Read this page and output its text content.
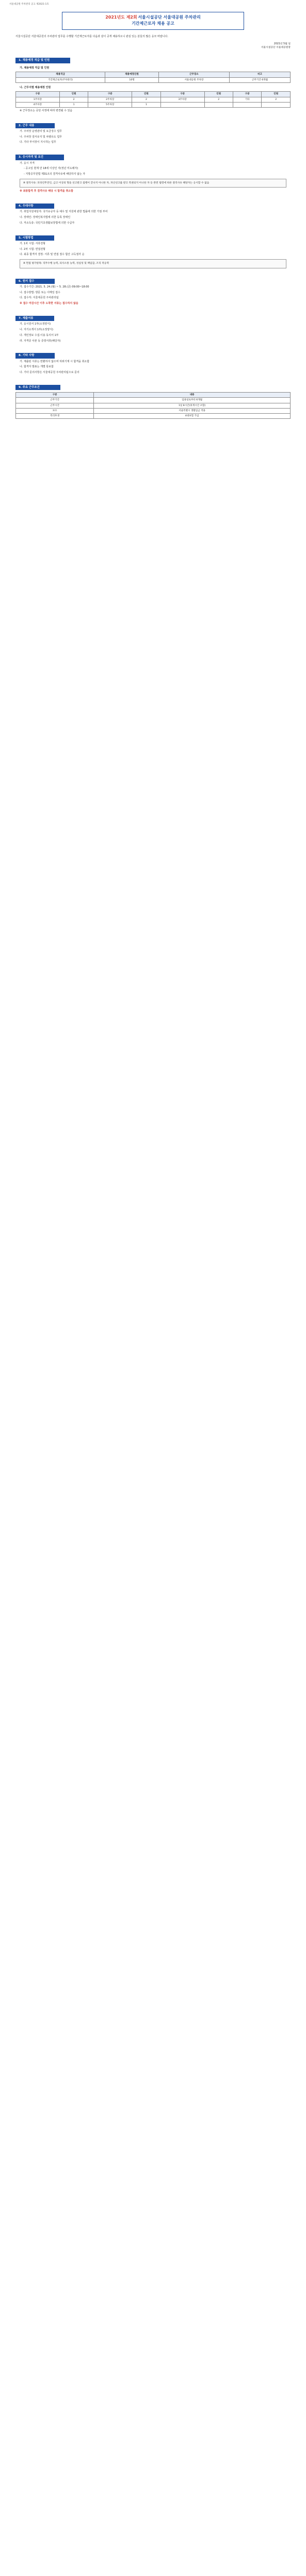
서울대공원 주차관리 공고 제2021-1호
2021년도 제2회 서울시설공단 서울대공원 주차관리
기간제근로자 채용 공고
서울시설공단 서울대공원의 주차관리 업무를 수행할 기간제근로자를 다음과 같이 공개 채용하오니 관심 있는 분들의 많은 응모 바랍니다.
2021년 5월 일
서울시설공단 서울대공원장
1. 채용예정 직급 및 인원
가. 채용예정 직급 및 인원
채용직급	채용예정인원	근무장소	비고
기간제근로자(주차관리)	10명	서울대공원 주차장	근무기간 6개월
나. 근무지별 채용예정 인원
구분	인원	구분	인원	구분	인원	구분	인원
1주차장	2	2주차장	2	3주차장	2	기타	2
4주차장	1	5주차장	1				
※ 근무장소는 공단 사정에 따라 변경될 수 있음
2. 근무 내용
가. 주차장 운영관리 및 요금징수 업무
나. 주차장 질서유지 및 차량유도 업무
다. 기타 부서장이 지시하는 업무
3. 응시자격 및 요건
가. 응시 자격
- 공고일 현재 만 18세 이상인 자(정년 미도래자)
- 지방공무원법 제31조의 결격사유에 해당하지 않는 자
※ 결격사유: 피성년후견인, 금고 이상의 형을 선고받고 집행이 끝나지 아니한 자, 파산선고를 받고 복권되지 아니한 자 등 관련 법령에 따른 결격사유 해당자는 응시할 수 없음
※ 최종합격 후 결격사유 해당 시 합격을 취소함
4. 우대사항
가. 취업지원대상자: 국가유공자 등 예우 및 지원에 관한 법률에 의한 가점 부여
나. 장애인: 장애인복지법에 의한 등록 장애인
다. 저소득층: 국민기초생활보장법에 의한 수급자
5. 시험방법
가. 1차 시험: 서류전형
나. 2차 시험: 면접전형
다. 최종 합격자 결정: 서류 및 면접 점수 합산 고득점자 순
※ 면접 평가항목: 직무수행 능력, 의사소통 능력, 성실성 및 책임감, 조직 적응력
6. 원서 접수
가. 접수기간: 2021. 5. 24.(월) ~ 5. 28.(금) 09:00~18:00
나. 접수방법: 방문 또는 이메일 접수
다. 접수처: 서울대공원 주차관리팀
※ 접수 마감시간 이후 도착한 서류는 접수하지 않음
7. 제출서류
가. 응시원서 1부(소정양식)
나. 자기소개서 1부(소정양식)
다. 개인정보 수집·이용 동의서 1부
라. 자격증 사본 등 증빙서류(해당자)
8. 기타 사항
가. 제출된 서류는 반환하지 않으며 허위기재 시 합격을 취소함
나. 합격자 발표는 개별 통보함
다. 기타 문의사항은 서울대공원 주차관리팀으로 문의
9. 주요 근무조건
구분	내용
근무기간	임용일로부터 6개월
근무시간	1일 8시간(휴게시간 포함)
보수	서울특별시 생활임금 적용
복리후생	4대보험 가입
